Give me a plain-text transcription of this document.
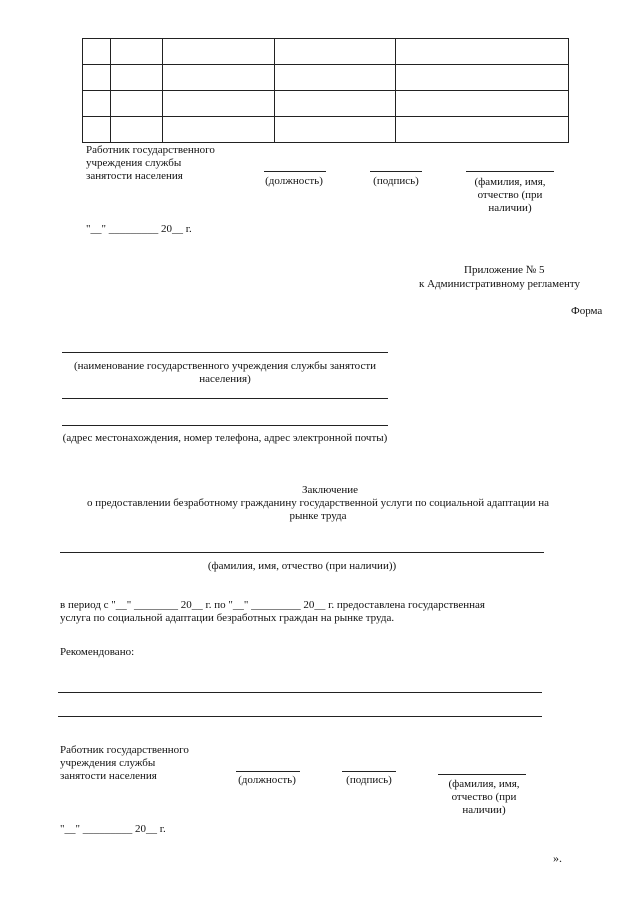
Работник государственного
учреждения службы
занятости населения	(должность)	(подпись)	(фамилия, имя, отчество (при наличии)
"__" _________ 20__ г.
Приложение № 5
к Административному регламенту
Форма
(наименование государственного учреждения службы занятости населения)
(адрес местонахождения, номер телефона, адрес электронной почты)
Заключение
о предоставлении безработному гражданину государственной услуги по социальной адаптации на рынке труда
(фамилия, имя, отчество (при наличии))
в период с "__" ________ 20__ г. по "__" _________ 20__ г. предоставлена государственная
услуга по социальной адаптации безработных граждан на рынке труда.
Рекомендовано:
Работник государственного
учреждения службы
занятости населения	(должность)	(подпись)	(фамилия, имя, отчество (при наличии)
"__" _________ 20__ г.
».
